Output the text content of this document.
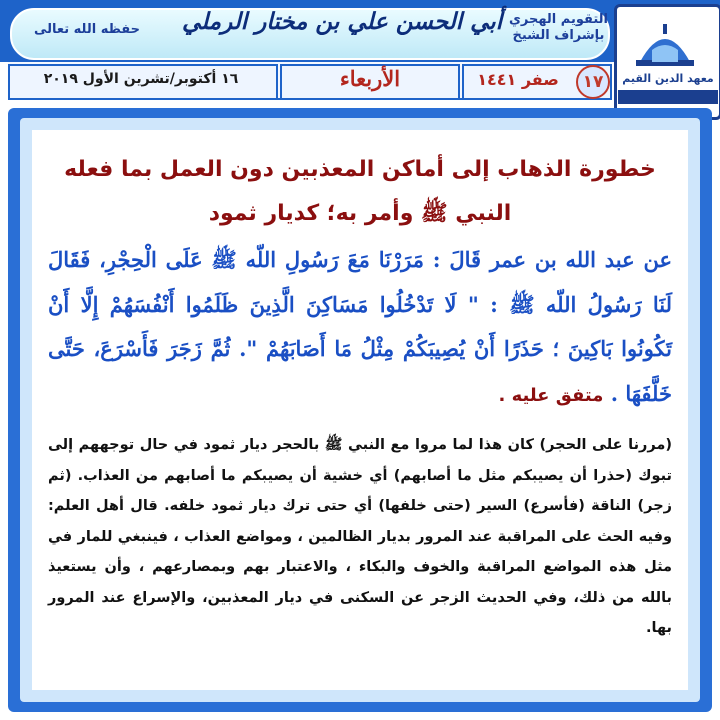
معهد الدين القيم
التقويم الهجري
بإشراف الشيخ
أبي الحسن علي بن مختار الرملي
حفظه الله تعالى
١٧
صفر ١٤٤١
الأربعاء
١٦ أكتوبر/تشرين الأول ٢٠١٩
خطورة الذهاب إلى أماكن المعذبين دون العمل بما فعله النبي ﷺ وأمر به؛ كديار ثمود
عن عبد الله بن عمر قَالَ : مَرَرْنَا مَعَ رَسُولِ اللّه ﷺ عَلَى الْحِجْرِ، فَقَالَ لَنَا رَسُولُ اللّه ﷺ : " لَا تَدْخُلُوا مَسَاكِنَ الَّذِينَ ظَلَمُوا أَنْفُسَهُمْ إِلَّا أَنْ تَكُونُوا بَاكِينَ ؛ حَذَرًا أَنْ يُصِيبَكُمْ مِثْلُ مَا أَصَابَهُمْ ". ثُمَّ زَجَرَ فَأَسْرَعَ، حَتَّى خَلَّفَهَا . متفق عليه .
(مررنا على الحجر) كان هذا لما مروا مع النبي ﷺ بالحجر ديار ثمود في حال توجههم إلى تبوك (حذرا أن يصيبكم مثل ما أصابهم) أي خشية أن يصيبكم ما أصابهم من العذاب. (ثم زجر) الناقة (فأسرع) السير (حتى خلفها) أي حتى ترك ديار ثمود خلفه. قال أهل العلم: وفيه الحث على المراقبة عند المرور بديار الظالمين ، ومواضع العذاب ، فينبغي للمار في مثل هذه المواضع المراقبة والخوف والبكاء ، والاعتبار بهم وبمصارعهم ، وأن يستعيذ بالله من ذلك، وفي الحديث الزجر عن السكنى في ديار المعذبين، والإسراع عند المرور بها.
